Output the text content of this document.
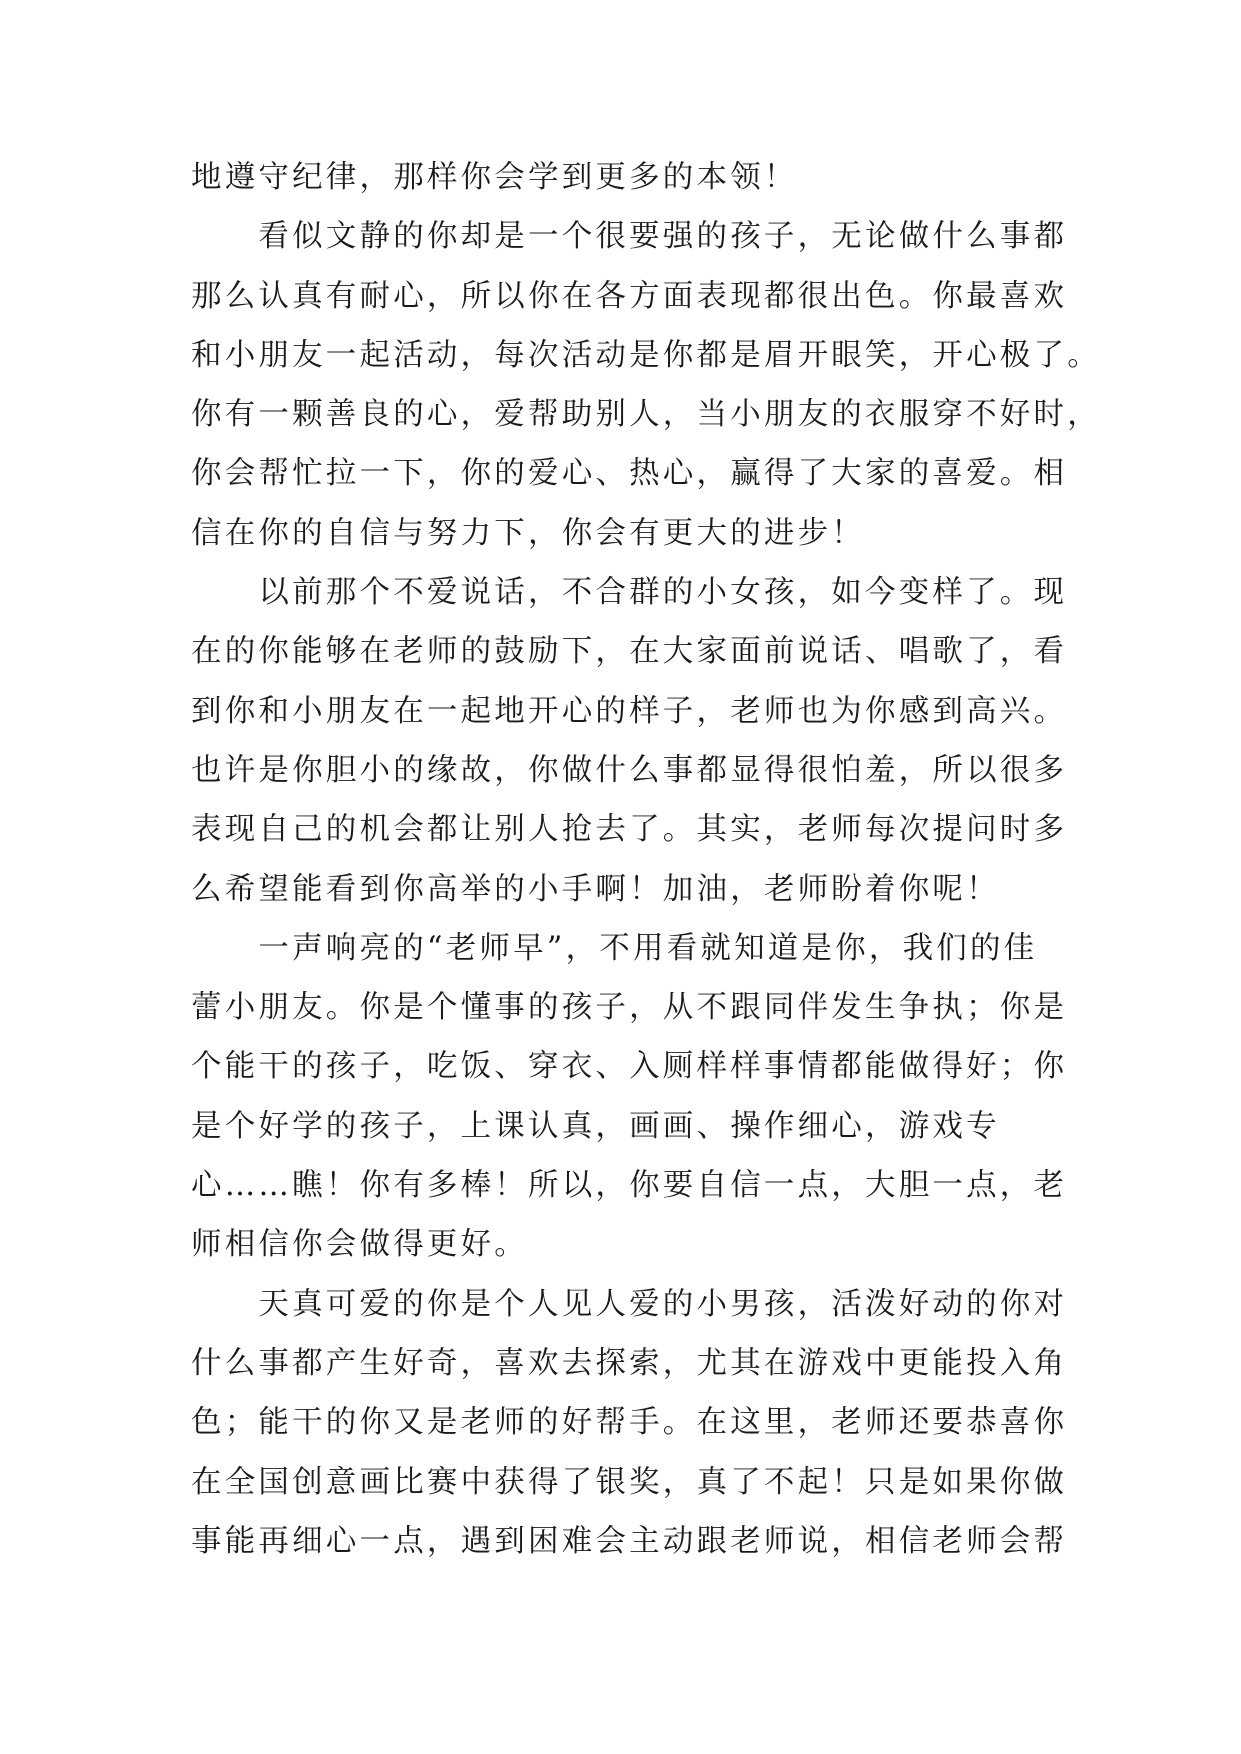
地遵守纪律，那样你会学到更多的本领！
　　看似文静的你却是一个很要强的孩子，无论做什么事都
那么认真有耐心，所以你在各方面表现都很出色。你最喜欢
和小朋友一起活动，每次活动是你都是眉开眼笑，开心极了。
你有一颗善良的心，爱帮助别人，当小朋友的衣服穿不好时，
你会帮忙拉一下，你的爱心、热心，赢得了大家的喜爱。相
信在你的自信与努力下，你会有更大的进步！
　　以前那个不爱说话，不合群的小女孩，如今变样了。现
在的你能够在老师的鼓励下，在大家面前说话、唱歌了，看
到你和小朋友在一起地开心的样子，老师也为你感到高兴。
也许是你胆小的缘故，你做什么事都显得很怕羞，所以很多
表现自己的机会都让别人抢去了。其实，老师每次提问时多
么希望能看到你高举的小手啊！加油，老师盼着你呢！
　　一声响亮的“老师早”，不用看就知道是你，我们的佳
蕾小朋友。你是个懂事的孩子，从不跟同伴发生争执；你是
个能干的孩子，吃饭、穿衣、入厕样样事情都能做得好；你
是个好学的孩子，上课认真，画画、操作细心，游戏专
心……瞧！你有多棒！所以，你要自信一点，大胆一点，老
师相信你会做得更好。
　　天真可爱的你是个人见人爱的小男孩，活泼好动的你对
什么事都产生好奇，喜欢去探索，尤其在游戏中更能投入角
色；能干的你又是老师的好帮手。在这里，老师还要恭喜你
在全国创意画比赛中获得了银奖，真了不起！只是如果你做
事能再细心一点，遇到困难会主动跟老师说，相信老师会帮
